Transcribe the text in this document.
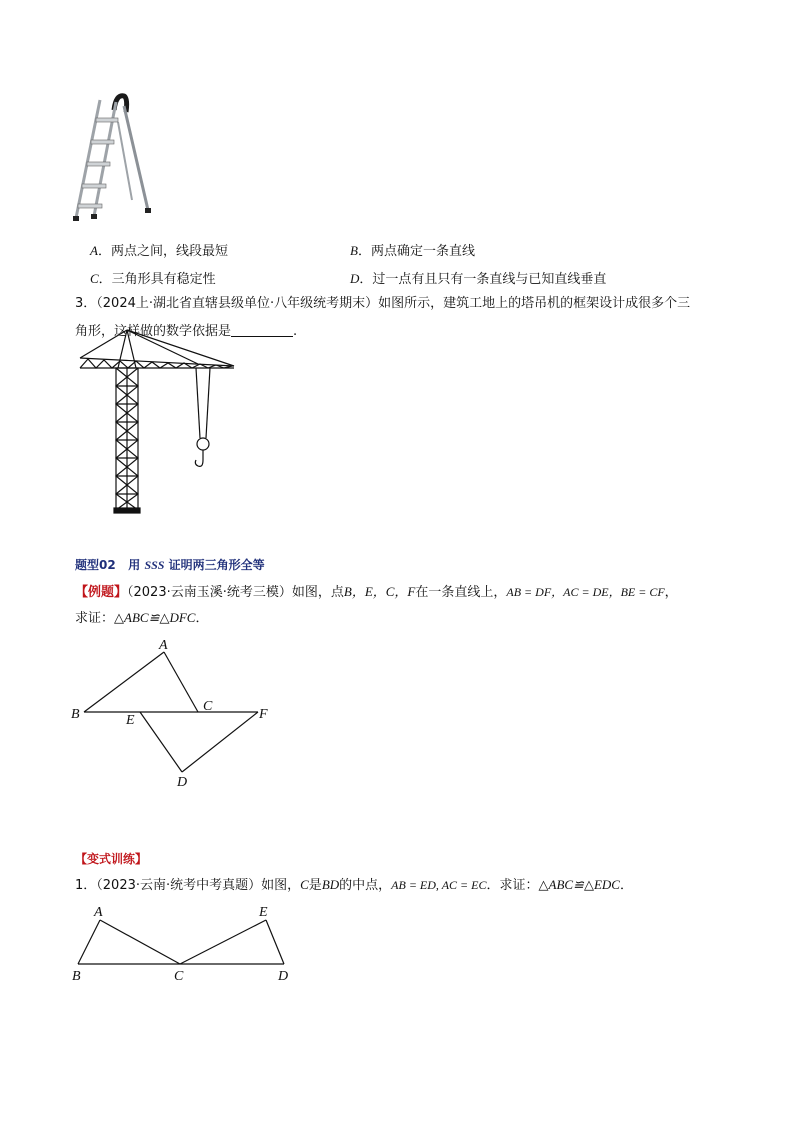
A．两点之间，线段最短	B．两点确定一条直线
C．三角形具有稳定性	D．过一点有且只有一条直线与已知直线垂直
3．（2024上·湖北省直辖县级单位·八年级统考期末）如图所示，建筑工地上的塔吊机的框架设计成很多个三
角形，这样做的数学依据是	.
题型02 用 SSS 证明两三角形全等
【例题】（2023·云南玉溪·统考三模）如图，点B，E，C，F在一条直线上，AB = DF，AC = DE，BE = CF，
求证：△ABC≌△DFC．
A
B
C
D
E	F
【变式训练】
1．（2023·云南·统考中考真题）如图，C是BD的中点，AB = ED, AC = EC．求证：△ABC≌△EDC．
A
B	C	D
E
